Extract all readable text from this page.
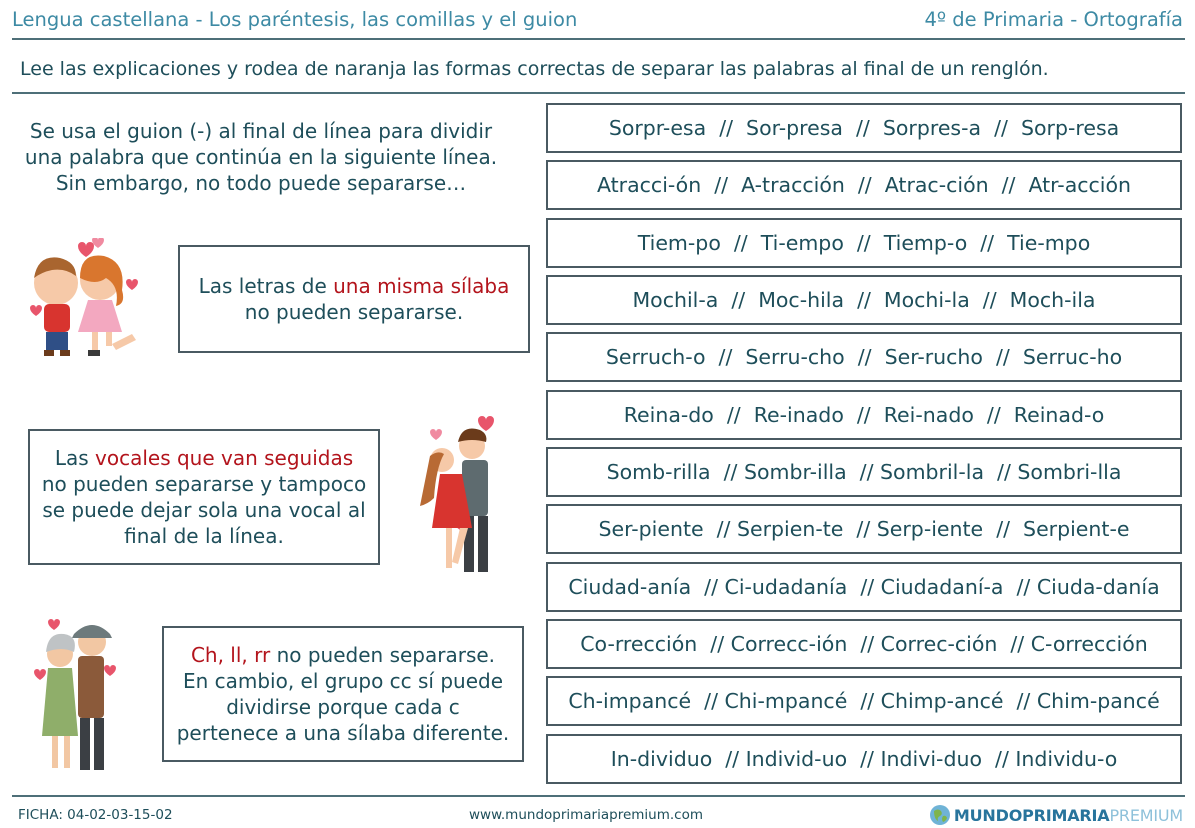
Lengua castellana - Los paréntesis, las comillas y el guion	4º de Primaria - Ortografía
Lee las explicaciones y rodea de naranja las formas correctas de separar las palabras al final de un renglón.
Se usa el guion (-) al final de línea para dividir
una palabra que continúa en la siguiente línea.
Sin embargo, no todo puede separarse…
Las letras de una misma sílaba
no pueden separarse.
Las vocales que van seguidas
no pueden separarse y tampoco
se puede dejar sola una vocal al
final de la línea.
Ch, ll, rr no pueden separarse.
En cambio, el grupo cc sí puede
dividirse porque cada c
pertenece a una sílaba diferente.
Sorpr-esa  //  Sor-presa  //  Sorpres-a  //  Sorp-resa
Atracci-ón  //  A-tracción  //  Atrac-ción  //  Atr-acción
Tiem-po  //  Ti-empo  //  Tiemp-o  //  Tie-mpo
Mochil-a  //  Moc-hila  //  Mochi-la  //  Moch-ila
Serruch-o  //  Serru-cho  //  Ser-rucho  //  Serruc-ho
Reina-do  //  Re-inado  //  Rei-nado  //  Reinad-o
Somb-rilla  // Sombr-illa  // Sombril-la  // Sombri-lla
Ser-piente  // Serpien-te  // Serp-iente  //  Serpient-e
Ciudad-anía  // Ci-udadanía  // Ciudadaní-a  // Ciuda-danía
Co-rrección  // Correcc-ión  // Correc-ción  // C-orrección
Ch-impancé  // Chi-mpancé  // Chimp-ancé  // Chim-pancé
In-dividuo  // Individ-uo  // Indivi-duo  // Individu-o
FICHA: 04-02-03-15-02	www.mundoprimariapremium.com	MUNDO PRIMARIA PREMIUM
